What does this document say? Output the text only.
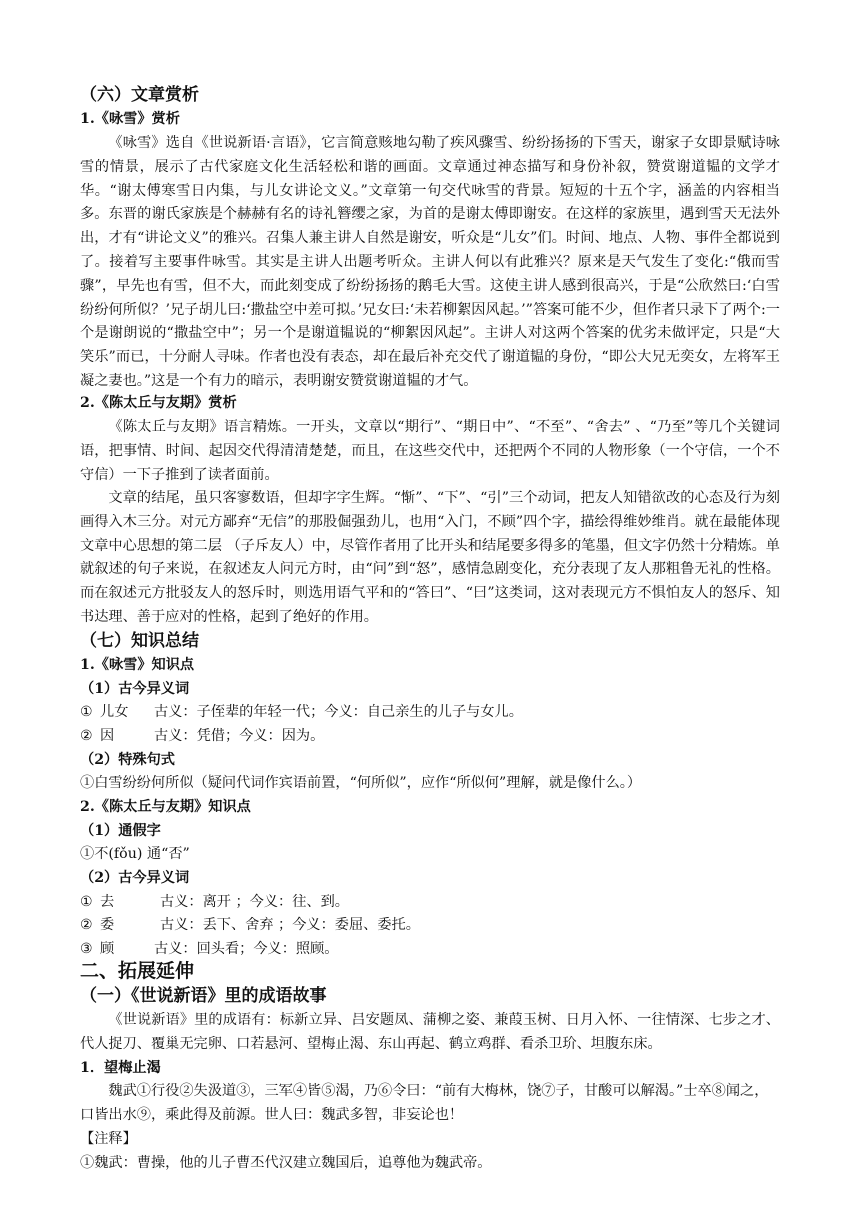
（六）文章赏析
1.《咏雪》赏析
《咏雪》选自《世说新语·言语》，它言简意赅地勾勒了疾风骤雪、纷纷扬扬的下雪天，谢家子女即景赋诗咏雪的情景，展示了古代家庭文化生活轻松和谐的画面。文章通过神态描写和身份补叙，赞赏谢道韫的文学才华。“谢太傅寒雪日内集，与儿女讲论文义。”文章第一句交代咏雪的背景。短短的十五个字，涵盖的内容相当多。东晋的谢氏家族是个赫赫有名的诗礼簪缨之家，为首的是谢太傅即谢安。在这样的家族里，遇到雪天无法外出，才有“讲论文义”的雅兴。召集人兼主讲人自然是谢安，听众是“儿女”们。时间、地点、人物、事件全都说到了。接着写主要事件咏雪。其实是主讲人出题考听众。主讲人何以有此雅兴？原来是天气发生了变化:“俄而雪骤”，早先也有雪，但不大，而此刻变成了纷纷扬扬的鹅毛大雪。这使主讲人感到很高兴，于是“公欣然曰:‘白雪纷纷何所似？’兄子胡儿曰:‘撒盐空中差可拟。’兄女曰:‘未若柳絮因风起。’”答案可能不少，但作者只录下了两个:一个是谢朗说的“撒盐空中”；另一个是谢道韫说的“柳絮因风起”。主讲人对这两个答案的优劣未做评定，只是“大笑乐”而已，十分耐人寻味。作者也没有表态，却在最后补充交代了谢道韫的身份，“即公大兄无奕女，左将军王凝之妻也。”这是一个有力的暗示，表明谢安赞赏谢道韫的才气。
2.《陈太丘与友期》赏析
《陈太丘与友期》语言精炼。一开头，文章以“期行”、“期日中”、“不至”、“舍去” 、“乃至”等几个关键词语，把事情、时间、起因交代得清清楚楚，而且，在这些交代中，还把两个不同的人物形象（一个守信，一个不守信）一下子推到了读者面前。
文章的结尾，虽只客寥数语，但却字字生辉。“惭”、“下”、“引”三个动词，把友人知错欲改的心态及行为刻画得入木三分。对元方鄙弃“无信”的那股倔强劲儿，也用“入门，不顾”四个字，描绘得维妙维肖。就在最能体现文章中心思想的第二层 （子斥友人）中，尽管作者用了比开头和结尾要多得多的笔墨，但文字仍然十分精炼。单就叙述的句子来说，在叙述友人问元方时，由“问”到“怒”，感情急剧变化，充分表现了友人那粗鲁无礼的性格。而在叙述元方批驳友人的怒斥时，则选用语气平和的“答曰”、“曰”这类词，这对表现元方不惧怕友人的怒斥、知书达理、善于应对的性格，起到了绝好的作用。
（七）知识总结
1.《咏雪》知识点
（1）古今异义词
① 儿女 古义：子侄辈的年轻一代；今义：自己亲生的儿子与女儿。
② 因	古义：凭借；今义：因为。
（2）特殊句式
①白雪纷纷何所似（疑问代词作宾语前置，“何所似”，应作“所似何”理解，就是像什么。）
2.《陈太丘与友期》知识点
（1）通假字
①不(fǒu) 通“否”
（2）古今异义词
① 去	古义：离开 ；今义：往、到。
② 委	古义：丢下、舍弃 ；今义：委屈、委托。
③ 顾	古义：回头看；今义：照顾。
二、拓展延伸
（一）《世说新语》里的成语故事
《世说新语》里的成语有：标新立异、吕安题凤、蒲柳之姿、兼葭玉树、日月入怀、一往情深、七步之才、代人捉刀、覆巢无完卵、口若悬河、望梅止渴、东山再起、鹤立鸡群、看杀卫玠、坦腹东床。
1．望梅止渴
魏武①行役②失汲道③，三军④皆⑤渴，乃⑥令曰：“前有大梅林，饶⑦子，甘酸可以解渴。”士卒⑧闻之，
口皆出水⑨，乘此得及前源。世人曰：魏武多智，非妄论也！
【注释】
①魏武：曹操，他的儿子曹丕代汉建立魏国后，追尊他为魏武帝。
